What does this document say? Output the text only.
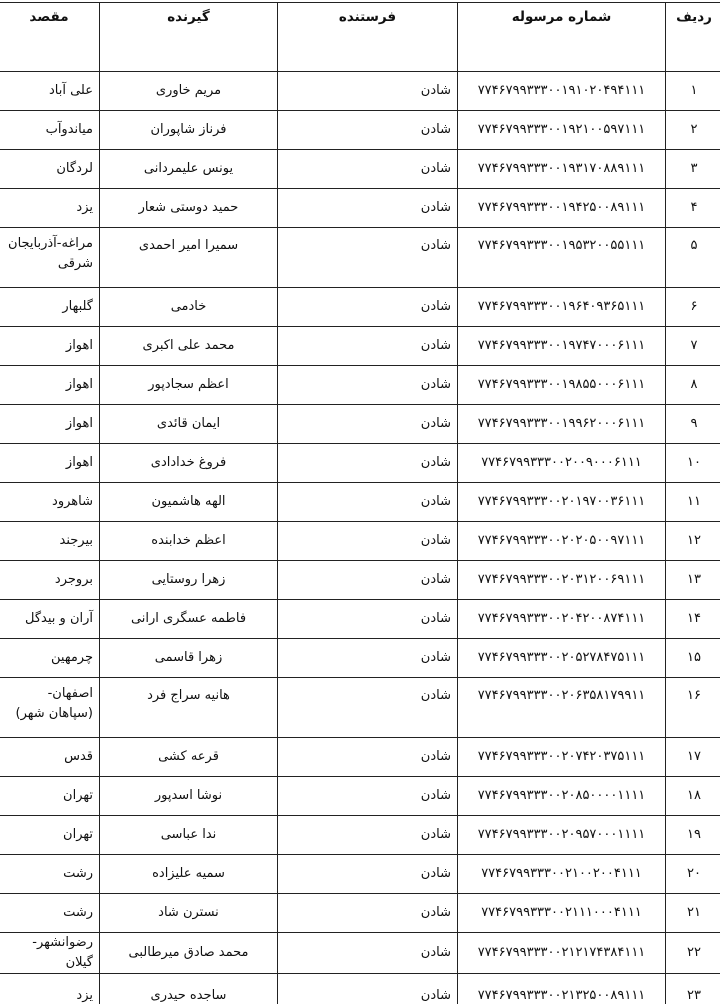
ردیف	شماره مرسوله	فرستنده	گیرنده	مقصد
۱	۷۷۴۶۷۹۹۳۳۳۰۰۱۹۱۰۲۰۴۹۴۱۱۱	شادن	مریم خاوری	علی آباد
۲	۷۷۴۶۷۹۹۳۳۳۰۰۱۹۲۱۰۰۵۹۷۱۱۱	شادن	فرناز شاپوران	میاندوآب
۳	۷۷۴۶۷۹۹۳۳۳۰۰۱۹۳۱۷۰۸۸۹۱۱۱	شادن	یونس علیمردانی	لردگان
۴	۷۷۴۶۷۹۹۳۳۳۰۰۱۹۴۲۵۰۰۸۹۱۱۱	شادن	حمید دوستی شعار	یزد
۵	۷۷۴۶۷۹۹۳۳۳۰۰۱۹۵۳۲۰۰۵۵۱۱۱	شادن	سمیرا امیر احمدی	مراغه-آذربایجان شرقی
۶	۷۷۴۶۷۹۹۳۳۳۰۰۱۹۶۴۰۹۳۶۵۱۱۱	شادن	خادمی	گلبهار
۷	۷۷۴۶۷۹۹۳۳۳۰۰۱۹۷۴۷۰۰۰۶۱۱۱	شادن	محمد علی اکبری	اهواز
۸	۷۷۴۶۷۹۹۳۳۳۰۰۱۹۸۵۵۰۰۰۶۱۱۱	شادن	اعظم سجادپور	اهواز
۹	۷۷۴۶۷۹۹۳۳۳۰۰۱۹۹۶۲۰۰۰۶۱۱۱	شادن	ایمان قائدی	اهواز
۱۰	۷۷۴۶۷۹۹۳۳۳۰۰۲۰۰۹۰۰۰۶۱۱۱	شادن	فروغ خدادادی	اهواز
۱۱	۷۷۴۶۷۹۹۳۳۳۰۰۲۰۱۹۷۰۰۳۶۱۱۱	شادن	الهه هاشمیون	شاهرود
۱۲	۷۷۴۶۷۹۹۳۳۳۰۰۲۰۲۰۵۰۰۹۷۱۱۱	شادن	اعظم خدابنده	بیرجند
۱۳	۷۷۴۶۷۹۹۳۳۳۰۰۲۰۳۱۲۰۰۶۹۱۱۱	شادن	زهرا روستایی	بروجرد
۱۴	۷۷۴۶۷۹۹۳۳۳۰۰۲۰۴۲۰۰۸۷۴۱۱۱	شادن	فاطمه عسگری ارانی	آران و بیدگل
۱۵	۷۷۴۶۷۹۹۳۳۳۰۰۲۰۵۲۷۸۴۷۵۱۱۱	شادن	زهرا قاسمی	چرمهین
۱۶	۷۷۴۶۷۹۹۳۳۳۰۰۲۰۶۳۵۸۱۷۹۹۱۱	شادن	هانیه سراج فرد	اصفهان-(سپاهان شهر)
۱۷	۷۷۴۶۷۹۹۳۳۳۰۰۲۰۷۴۲۰۳۷۵۱۱۱	شادن	قرعه کشی	قدس
۱۸	۷۷۴۶۷۹۹۳۳۳۰۰۲۰۸۵۰۰۰۰۱۱۱۱	شادن	نوشا اسدپور	تهران
۱۹	۷۷۴۶۷۹۹۳۳۳۰۰۲۰۹۵۷۰۰۰۱۱۱۱	شادن	ندا عباسی	تهران
۲۰	۷۷۴۶۷۹۹۳۳۳۰۰۲۱۰۰۲۰۰۴۱۱۱	شادن	سمیه علیزاده	رشت
۲۱	۷۷۴۶۷۹۹۳۳۳۰۰۲۱۱۱۰۰۰۴۱۱۱	شادن	نسترن شاد	رشت
۲۲	۷۷۴۶۷۹۹۳۳۳۰۰۲۱۲۱۷۴۳۸۴۱۱۱	شادن	محمد صادق میرطالبی	رضوانشهر-گیلان
۲۳	۷۷۴۶۷۹۹۳۳۳۰۰۲۱۳۲۵۰۰۸۹۱۱۱	شادن	ساجده حیدری	یزد
